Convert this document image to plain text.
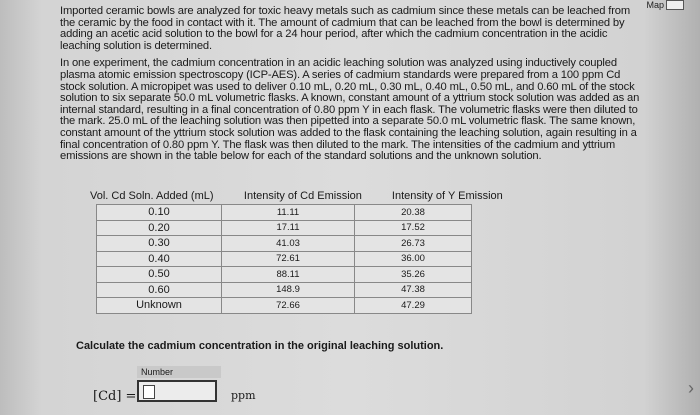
Imported ceramic bowls are analyzed for toxic heavy metals such as cadmium since these metals can be leached from the ceramic by the food in contact with it. The amount of cadmium that can be leached from the bowl is determined by adding an acetic acid solution to the bowl for a 24 hour period, after which the cadmium concentration in the acidic leaching solution is determined.

In one experiment, the cadmium concentration in an acidic leaching solution was analyzed using inductively coupled plasma atomic emission spectroscopy (ICP-AES). A series of cadmium standards were prepared from a 100 ppm Cd stock solution. A micropipet was used to deliver 0.10 mL, 0.20 mL, 0.30 mL, 0.40 mL, 0.50 mL, and 0.60 mL of the stock solution to six separate 50.0 mL volumetric flasks. A known, constant amount of a yttrium stock solution was added as an internal standard, resulting in a final concentration of 0.80 ppm Y in each flask. The volumetric flasks were then diluted to the mark. 25.0 mL of the leaching solution was then pipetted into a separate 50.0 mL volumetric flask. The same known, constant amount of the yttrium stock solution was added to the flask containing the leaching solution, again resulting in a final concentration of 0.80 ppm Y. The flask was then diluted to the mark. The intensities of the cadmium and yttrium emissions are shown in the table below for each of the standard solutions and the unknown solution.

Map
Vol. Cd Soln. Added (mL)	Intensity of Cd Emission	Intensity of Y Emission
0.10	11.11	20.38
0.20	17.11	17.52
0.30	41.03	26.73
0.40	72.61	36.00
0.50	88.11	35.26
0.60	148.9	47.38
Unknown	72.66	47.29
Calculate the cadmium concentration in the original leaching solution.
Number
[Cd] =	ppm	›
